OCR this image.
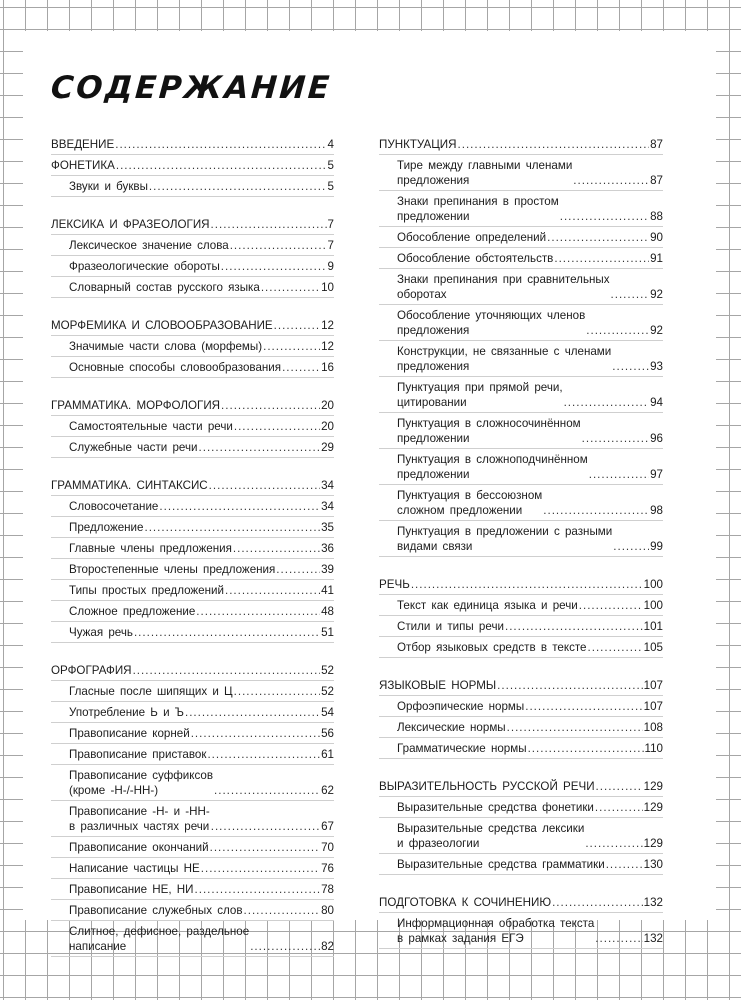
СОДЕРЖАНИЕ
ВВЕДЕНИЕ .....	4
ФОНЕТИКА .....	5
Звуки и буквы .....	5
ЛЕКСИКА И ФРАЗЕОЛОГИЯ .....	7
Лексическое значение слова .....	7
Фразеологические обороты .....	9
Словарный состав русского языка .....	10
МОРФЕМИКА И СЛОВООБРАЗОВАНИЕ .....	12
Значимые части слова (морфемы) .....	12
Основные способы словообразования .....	16
ГРАММАТИКА. МОРФОЛОГИЯ .....	20
Самостоятельные части речи .....	20
Служебные части речи .....	29
ГРАММАТИКА. СИНТАКСИС .....	34
Словосочетание .....	34
Предложение .....	35
Главные члены предложения .....	36
Второстепенные члены предложения .....	39
Типы простых предложений .....	41
Сложное предложение .....	48
Чужая речь .....	51
ОРФОГРАФИЯ .....	52
Гласные после шипящих и Ц .....	52
Употребление Ь и Ъ .....	54
Правописание корней .....	56
Правописание приставок .....	61
Правописание суффиксов
(кроме -Н-/-НН-) .....	62
Правописание -Н- и -НН-
в различных частях речи .....	67
Правописание окончаний .....	70
Написание частицы НЕ .....	76
Правописание НЕ, НИ .....	78
Правописание служебных слов .....	80
Слитное, дефисное, раздельное
написание .....	82
ПУНКТУАЦИЯ .....	87
Тире между главными членами
предложения .....	87
Знаки препинания в простом
предложении .....	88
Обособление определений .....	90
Обособление обстоятельств .....	91
Знаки препинания при сравнительных
оборотах .....	92
Обособление уточняющих членов
предложения .....	92
Конструкции, не связанные с членами
предложения .....	93
Пунктуация при прямой речи,
цитировании .....	94
Пунктуация в сложносочинённом
предложении .....	96
Пунктуация в сложноподчинённом
предложении .....	97
Пунктуация в бессоюзном
сложном предложении .....	98
Пунктуация в предложении с разными
видами связи .....	99
РЕЧЬ .....	100
Текст как единица языка и речи .....	100
Стили и типы речи .....	101
Отбор языковых средств в тексте .....	105
ЯЗЫКОВЫЕ НОРМЫ .....	107
Орфоэпические нормы .....	107
Лексические нормы .....	108
Грамматические нормы .....	110
ВЫРАЗИТЕЛЬНОСТЬ РУССКОЙ РЕЧИ .....	129
Выразительные средства фонетики .....	129
Выразительные средства лексики
и фразеологии .....	129
Выразительные средства грамматики .....	130
ПОДГОТОВКА К СОЧИНЕНИЮ .....	132
Информационная обработка текста
в рамках задания ЕГЭ .....	132
